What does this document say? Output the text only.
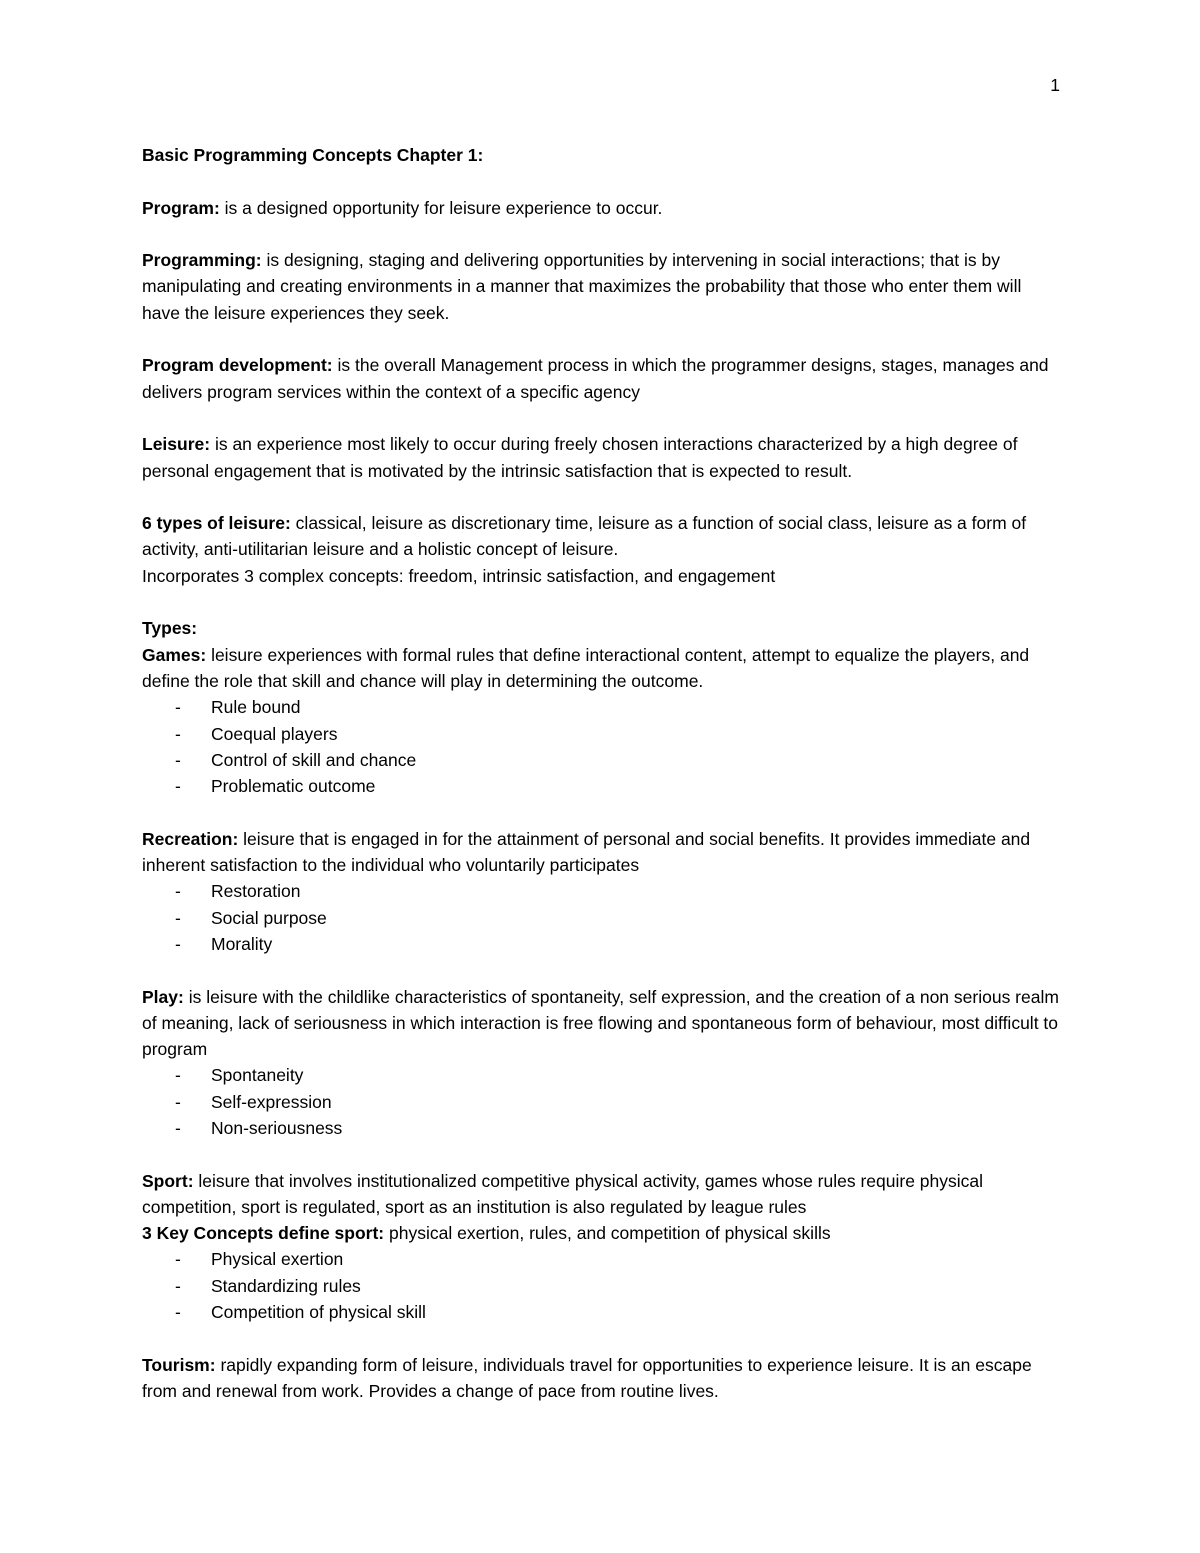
1

Basic Programming Concepts Chapter 1:

Program: is a designed opportunity for leisure experience to occur.

Programming: is designing, staging and delivering opportunities by intervening in social interactions; that is by manipulating and creating environments in a manner that maximizes the probability that those who enter them will have the leisure experiences they seek.

Program development: is the overall Management process in which the programmer designs, stages, manages and delivers program services within the context of a specific agency

Leisure: is an experience most likely to occur during freely chosen interactions characterized by a high degree of personal engagement that is motivated by the intrinsic satisfaction that is expected to result.

6 types of leisure: classical, leisure as discretionary time, leisure as a function of social class, leisure as a form of activity, anti-utilitarian leisure and a holistic concept of leisure.

Incorporates 3 complex concepts: freedom, intrinsic satisfaction, and engagement

Types:

Games: leisure experiences with formal rules that define interactional content, attempt to equalize the players, and define the role that skill and chance will play in determining the outcome.

- Rule bound
- Coequal players
- Control of skill and chance
- Problematic outcome

Recreation: leisure that is engaged in for the attainment of personal and social benefits. It provides immediate and inherent satisfaction to the individual who voluntarily participates

- Restoration
- Social purpose
- Morality

Play: is leisure with the childlike characteristics of spontaneity, self expression, and the creation of a non serious realm of meaning, lack of seriousness in which interaction is free flowing and spontaneous form of behaviour, most difficult to program

- Spontaneity
- Self-expression
- Non-seriousness

Sport: leisure that involves institutionalized competitive physical activity, games whose rules require physical competition, sport is regulated, sport as an institution is also regulated by league rules

3 Key Concepts define sport: physical exertion, rules, and competition of physical skills

- Physical exertion
- Standardizing rules
- Competition of physical skill

Tourism: rapidly expanding form of leisure, individuals travel for opportunities to experience leisure. It is an escape from and renewal from work. Provides a change of pace from routine lives.
